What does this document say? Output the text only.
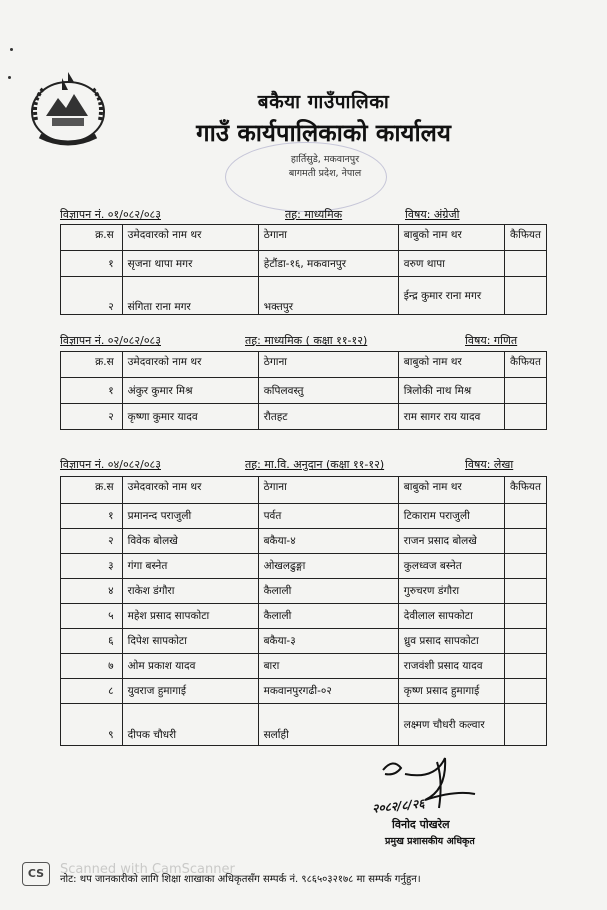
बकैया गाउँपालिका
गाउँ कार्यपालिकाको कार्यालय
हार्तिसुडे, मकवानपुर
बागमती प्रदेश, नेपाल
विज्ञापन नं. ०१/०८२/०८३	तह: माध्यमिक	विषय: अंग्रेजी
क्र.स	उमेदवारको नाम थर	ठेगाना	बाबुको नाम थर	कैफियत
१	सृजना थापा मगर	हेटौंडा-१६, मकवानपुर	वरुण थापा	
२	संगिता राना मगर	भक्तपुर	ईन्द्र कुमार राना मगर	
विज्ञापन नं. ०२/०८२/०८३	तह: माध्यमिक ( कक्षा ११-१२)	विषय: गणित
क्र.स	उमेदवारको नाम थर	ठेगाना	बाबुको नाम थर	कैफियत
१	अंकुर कुमार मिश्र	कपिलवस्तु	त्रिलोकी नाथ मिश्र	
२	कृष्णा कुमार यादव	रौतहट	राम सागर राय यादव	
विज्ञापन नं. ०४/०८२/०८३	तह: मा.वि. अनुदान (कक्षा ११-१२)	विषय: लेखा
क्र.स	उमेदवारको नाम थर	ठेगाना	बाबुको नाम थर	कैफियत
१	प्रमानन्द पराजुली	पर्वत	टिकाराम पराजुली	
२	विवेक बोलखे	बकैया-४	राजन प्रसाद बोलखे	
३	गंगा बस्नेत	ओखलढुङ्गा	कुलध्वज बस्नेत	
४	राकेश डंगौरा	कैलाली	गुरुचरण डंगौरा	
५	महेश प्रसाद सापकोटा	कैलाली	देवीलाल सापकोटा	
६	दिपेश सापकोटा	बकैया-३	ध्रुव प्रसाद सापकोटा	
७	ओम प्रकाश यादव	बारा	राजवंशी प्रसाद यादव	
८	युवराज हुमागाई	मकवानपुरगढी-०२	कृष्ण प्रसाद हुमागाई	
९	दीपक चौधरी	सर्लाही	लक्ष्मण चौधरी कल्वार	
२०८२/८/२६
विनोद पोखरेल
प्रमुख प्रशासकीय अधिकृत
CS	Scanned with CamScanner
नोट: थप जानकारीको लागि शिक्षा शाखाका अधिकृतसँग सम्पर्क नं. ९८६५०३२१७८ मा सम्पर्क गर्नुहुन।
